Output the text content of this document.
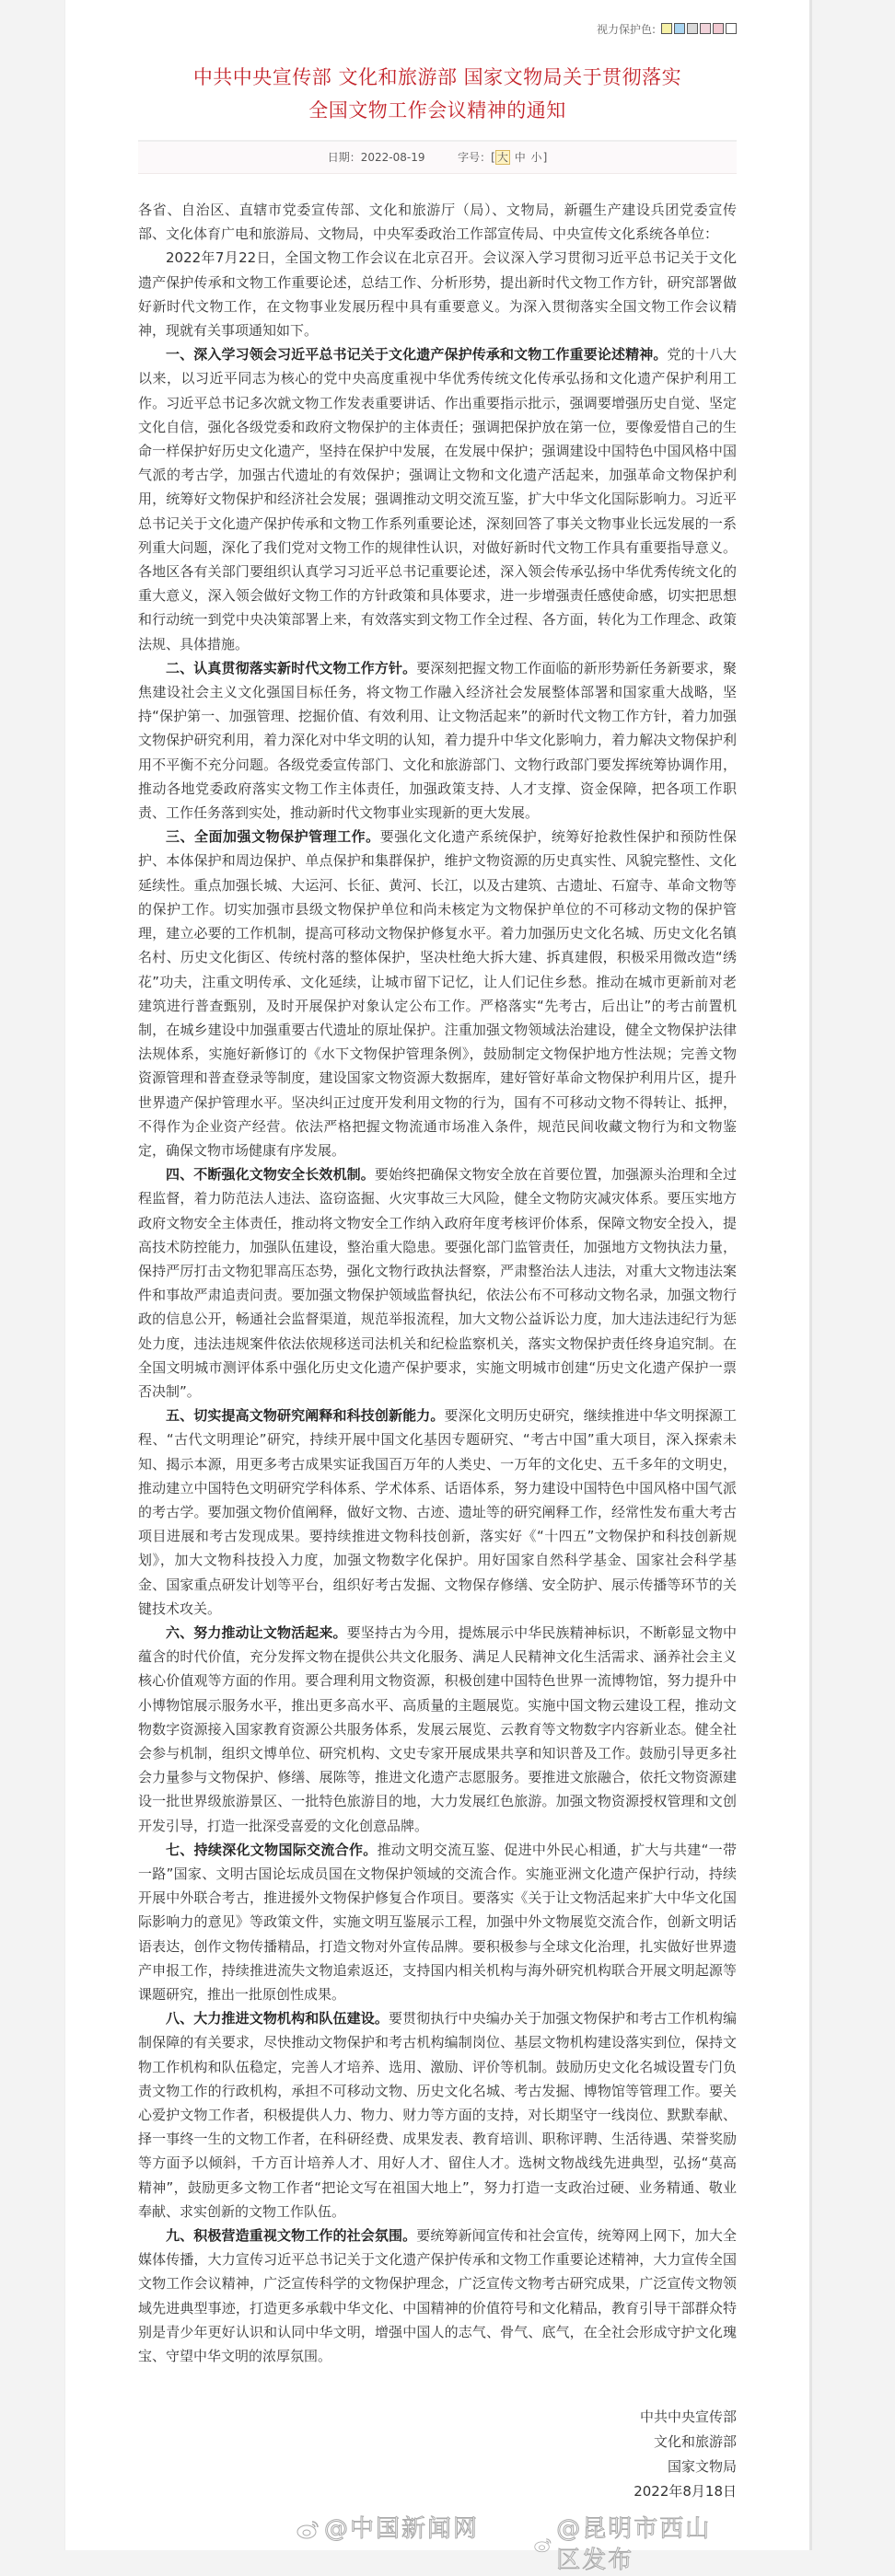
视力保护色:
中共中央宣传部 文化和旅游部 国家文物局关于贯彻落实
全国文物工作会议精神的通知
日期：2022-08-19	字号：[ 大 中 小]

各省、自治区、直辖市党委宣传部、文化和旅游厅（局）、文物局，新疆生产建设兵团党委宣传部、文化体育广电和旅游局、文物局，中央军委政治工作部宣传局、中央宣传文化系统各单位：

2022年7月22日，全国文物工作会议在北京召开。会议深入学习贯彻习近平总书记关于文化遗产保护传承和文物工作重要论述，总结工作、分析形势，提出新时代文物工作方针，研究部署做好新时代文物工作，在文物事业发展历程中具有重要意义。为深入贯彻落实全国文物工作会议精神，现就有关事项通知如下。

一、深入学习领会习近平总书记关于文化遗产保护传承和文物工作重要论述精神。党的十八大以来，以习近平同志为核心的党中央高度重视中华优秀传统文化传承弘扬和文化遗产保护利用工作。习近平总书记多次就文物工作发表重要讲话、作出重要指示批示，强调要增强历史自觉、坚定文化自信，强化各级党委和政府文物保护的主体责任；强调把保护放在第一位，要像爱惜自己的生命一样保护好历史文化遗产，坚持在保护中发展，在发展中保护；强调建设中国特色中国风格中国气派的考古学，加强古代遗址的有效保护；强调让文物和文化遗产活起来，加强革命文物保护利用，统筹好文物保护和经济社会发展；强调推动文明交流互鉴，扩大中华文化国际影响力。习近平总书记关于文化遗产保护传承和文物工作系列重要论述，深刻回答了事关文物事业长远发展的一系列重大问题，深化了我们党对文物工作的规律性认识，对做好新时代文物工作具有重要指导意义。各地区各有关部门要组织认真学习习近平总书记重要论述，深入领会传承弘扬中华优秀传统文化的重大意义，深入领会做好文物工作的方针政策和具体要求，进一步增强责任感使命感，切实把思想和行动统一到党中央决策部署上来，有效落实到文物工作全过程、各方面，转化为工作理念、政策法规、具体措施。

二、认真贯彻落实新时代文物工作方针。要深刻把握文物工作面临的新形势新任务新要求，聚焦建设社会主义文化强国目标任务，将文物工作融入经济社会发展整体部署和国家重大战略，坚持“保护第一、加强管理、挖掘价值、有效利用、让文物活起来”的新时代文物工作方针，着力加强文物保护研究利用，着力深化对中华文明的认知，着力提升中华文化影响力，着力解决文物保护利用不平衡不充分问题。各级党委宣传部门、文化和旅游部门、文物行政部门要发挥统筹协调作用，推动各地党委政府落实文物工作主体责任，加强政策支持、人才支撑、资金保障，把各项工作职责、工作任务落到实处，推动新时代文物事业实现新的更大发展。

三、全面加强文物保护管理工作。要强化文化遗产系统保护，统筹好抢救性保护和预防性保护、本体保护和周边保护、单点保护和集群保护，维护文物资源的历史真实性、风貌完整性、文化延续性。重点加强长城、大运河、长征、黄河、长江，以及古建筑、古遗址、石窟寺、革命文物等的保护工作。切实加强市县级文物保护单位和尚未核定为文物保护单位的不可移动文物的保护管理，建立必要的工作机制，提高可移动文物保护修复水平。着力加强历史文化名城、历史文化名镇名村、历史文化街区、传统村落的整体保护，坚决杜绝大拆大建、拆真建假，积极采用微改造“绣花”功夫，注重文明传承、文化延续，让城市留下记忆，让人们记住乡愁。推动在城市更新前对老建筑进行普查甄别，及时开展保护对象认定公布工作。严格落实“先考古，后出让”的考古前置机制，在城乡建设中加强重要古代遗址的原址保护。注重加强文物领域法治建设，健全文物保护法律法规体系，实施好新修订的《水下文物保护管理条例》，鼓励制定文物保护地方性法规；完善文物资源管理和普查登录等制度，建设国家文物资源大数据库，建好管好革命文物保护利用片区，提升世界遗产保护管理水平。坚决纠正过度开发利用文物的行为，国有不可移动文物不得转让、抵押，不得作为企业资产经营。依法严格把握文物流通市场准入条件，规范民间收藏文物行为和文物鉴定，确保文物市场健康有序发展。

四、不断强化文物安全长效机制。要始终把确保文物安全放在首要位置，加强源头治理和全过程监督，着力防范法人违法、盗窃盗掘、火灾事故三大风险，健全文物防灾减灾体系。要压实地方政府文物安全主体责任，推动将文物安全工作纳入政府年度考核评价体系，保障文物安全投入，提高技术防控能力，加强队伍建设，整治重大隐患。要强化部门监管责任，加强地方文物执法力量，保持严厉打击文物犯罪高压态势，强化文物行政执法督察，严肃整治法人违法，对重大文物违法案件和事故严肃追责问责。要加强文物保护领域监督执纪，依法公布不可移动文物名录，加强文物行政的信息公开，畅通社会监督渠道，规范举报流程，加大文物公益诉讼力度，加大违法违纪行为惩处力度，违法违规案件依法依规移送司法机关和纪检监察机关，落实文物保护责任终身追究制。在全国文明城市测评体系中强化历史文化遗产保护要求，实施文明城市创建“历史文化遗产保护一票否决制”。

五、切实提高文物研究阐释和科技创新能力。要深化文明历史研究，继续推进中华文明探源工程、“古代文明理论”研究，持续开展中国文化基因专题研究、“考古中国”重大项目，深入探索未知、揭示本源，用更多考古成果实证我国百万年的人类史、一万年的文化史、五千多年的文明史，推动建立中国特色文明研究学科体系、学术体系、话语体系，努力建设中国特色中国风格中国气派的考古学。要加强文物价值阐释，做好文物、古迹、遗址等的研究阐释工作，经常性发布重大考古项目进展和考古发现成果。要持续推进文物科技创新，落实好《“十四五”文物保护和科技创新规划》，加大文物科技投入力度，加强文物数字化保护。用好国家自然科学基金、国家社会科学基金、国家重点研发计划等平台，组织好考古发掘、文物保存修缮、安全防护、展示传播等环节的关键技术攻关。

六、努力推动让文物活起来。要坚持古为今用，提炼展示中华民族精神标识，不断彰显文物中蕴含的时代价值，充分发挥文物在提供公共文化服务、满足人民精神文化生活需求、涵养社会主义核心价值观等方面的作用。要合理利用文物资源，积极创建中国特色世界一流博物馆，努力提升中小博物馆展示服务水平，推出更多高水平、高质量的主题展览。实施中国文物云建设工程，推动文物数字资源接入国家教育资源公共服务体系，发展云展览、云教育等文物数字内容新业态。健全社会参与机制，组织文博单位、研究机构、文史专家开展成果共享和知识普及工作。鼓励引导更多社会力量参与文物保护、修缮、展陈等，推进文化遗产志愿服务。要推进文旅融合，依托文物资源建设一批世界级旅游景区、一批特色旅游目的地，大力发展红色旅游。加强文物资源授权管理和文创开发引导，打造一批深受喜爱的文化创意品牌。

七、持续深化文物国际交流合作。推动文明交流互鉴、促进中外民心相通，扩大与共建“一带一路”国家、文明古国论坛成员国在文物保护领域的交流合作。实施亚洲文化遗产保护行动，持续开展中外联合考古，推进援外文物保护修复合作项目。要落实《关于让文物活起来扩大中华文化国际影响力的意见》等政策文件，实施文明互鉴展示工程，加强中外文物展览交流合作，创新文明话语表达，创作文物传播精品，打造文物对外宣传品牌。要积极参与全球文化治理，扎实做好世界遗产申报工作，持续推进流失文物追索返还，支持国内相关机构与海外研究机构联合开展文明起源等课题研究，推出一批原创性成果。

八、大力推进文物机构和队伍建设。要贯彻执行中央编办关于加强文物保护和考古工作机构编制保障的有关要求，尽快推动文物保护和考古机构编制岗位、基层文物机构建设落实到位，保持文物工作机构和队伍稳定，完善人才培养、选用、激励、评价等机制。鼓励历史文化名城设置专门负责文物工作的行政机构，承担不可移动文物、历史文化名城、考古发掘、博物馆等管理工作。要关心爱护文物工作者，积极提供人力、物力、财力等方面的支持，对长期坚守一线岗位、默默奉献、择一事终一生的文物工作者，在科研经费、成果发表、教育培训、职称评聘、生活待遇、荣誉奖励等方面予以倾斜，千方百计培养人才、用好人才、留住人才。选树文物战线先进典型，弘扬“莫高精神”，鼓励更多文物工作者“把论文写在祖国大地上”，努力打造一支政治过硬、业务精通、敬业奉献、求实创新的文物工作队伍。

九、积极营造重视文物工作的社会氛围。要统筹新闻宣传和社会宣传，统筹网上网下，加大全媒体传播，大力宣传习近平总书记关于文化遗产保护传承和文物工作重要论述精神，大力宣传全国文物工作会议精神，广泛宣传科学的文物保护理念，广泛宣传文物考古研究成果，广泛宣传文物领域先进典型事迹，打造更多承载中华文化、中国精神的价值符号和文化精品，教育引导干部群众特别是青少年更好认识和认同中华文明，增强中国人的志气、骨气、底气，在全社会形成守护文化瑰宝、守望中华文明的浓厚氛围。

中共中央宣传部
文化和旅游部
国家文物局
2022年8月18日
@中国新闻网	@昆明市西山区发布
